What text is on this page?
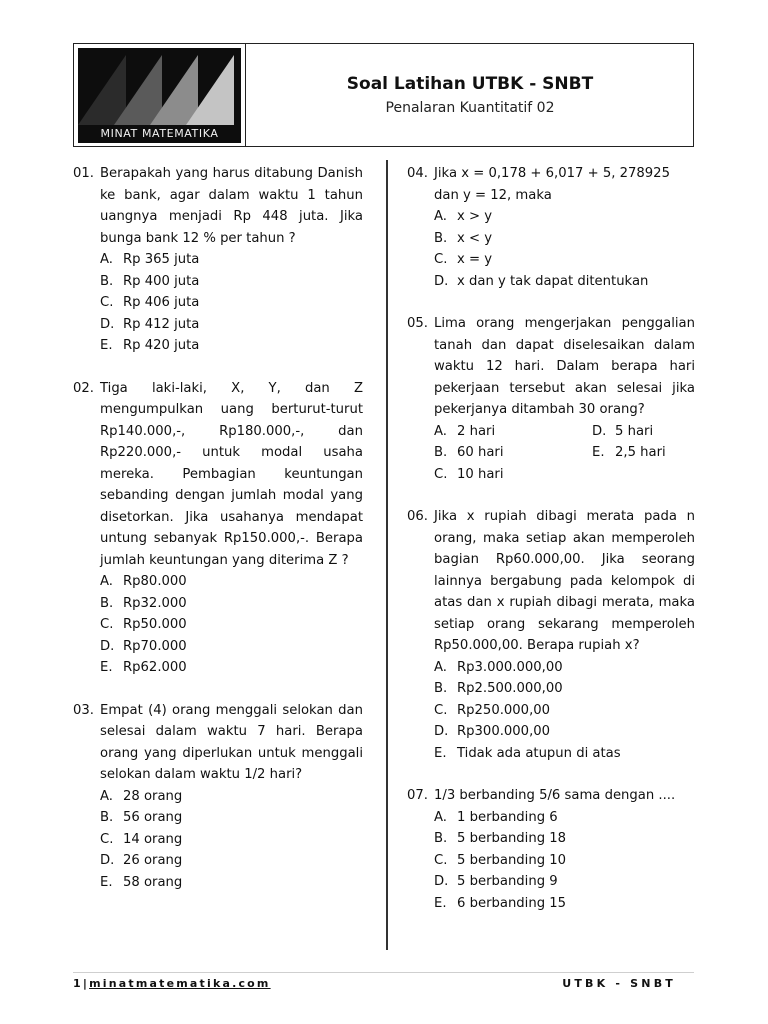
MINAT MATEMATIKA
Soal Latihan UTBK - SNBT
Penalaran Kuantitatif 02
01. Berapakah yang harus ditabung Danish ke bank, agar dalam waktu 1 tahun uangnya menjadi Rp 448 juta. Jika bunga bank 12 % per tahun ?
A. Rp 365 juta
B. Rp 400 juta
C. Rp 406 juta
D. Rp 412 juta
E. Rp 420 juta
02. Tiga laki-laki, X, Y, dan Z mengumpulkan uang berturut-turut Rp140.000,-, Rp180.000,-, dan Rp220.000,- untuk modal usaha mereka. Pembagian keuntungan sebanding dengan jumlah modal yang disetorkan. Jika usahanya mendapat untung sebanyak Rp150.000,-. Berapa jumlah keuntungan yang diterima Z ?
A. Rp80.000
B. Rp32.000
C. Rp50.000
D. Rp70.000
E. Rp62.000
03. Empat (4) orang menggali selokan dan selesai dalam waktu 7 hari. Berapa orang yang diperlukan untuk menggali selokan dalam waktu 1/2 hari?
A. 28 orang
B. 56 orang
C. 14 orang
D. 26 orang
E. 58 orang
04. Jika x = 0,178 + 6,017 + 5, 278925 dan y = 12, maka
A. x > y
B. x < y
C. x = y
D. x dan y tak dapat ditentukan
05. Lima orang mengerjakan penggalian tanah dan dapat diselesaikan dalam waktu 12 hari. Dalam berapa hari pekerjaan tersebut akan selesai jika pekerjanya ditambah 30 orang?
A. 2 hari	D. 5 hari
B. 60 hari	E. 2,5 hari
C. 10 hari
06. Jika x rupiah dibagi merata pada n orang, maka setiap akan memperoleh bagian Rp60.000,00. Jika seorang lainnya bergabung pada kelompok di atas dan x rupiah dibagi merata, maka setiap orang sekarang memperoleh Rp50.000,00. Berapa rupiah x?
A. Rp3.000.000,00
B. Rp2.500.000,00
C. Rp250.000,00
D. Rp300.000,00
E. Tidak ada atupun di atas
07. 1/3 berbanding 5/6 sama dengan ....
A. 1 berbanding 6
B. 5 berbanding 18
C. 5 berbanding 10
D. 5 berbanding 9
E. 6 berbanding 15
1|minatmatematika.com	UTBK - SNBT
